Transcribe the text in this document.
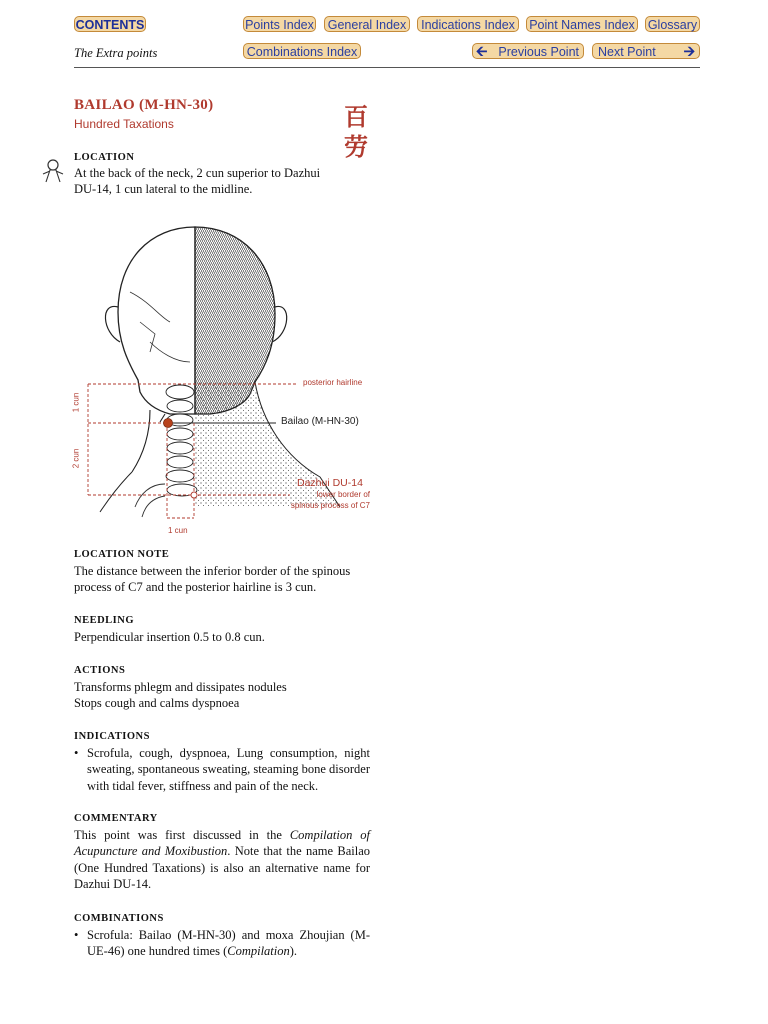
CONTENTS	Points Index General Index	Indications Index	Point Names Index Glossary
The Extra points	Combinations Index	🡨 Previous Point	Next Point 🡪
BAILAO (M-HN-30)
Hundred Taxations	百
劳
LOCATION
At the back of the neck, 2 cun superior to Dazhui DU-14, 1 cun lateral to the midline.
posterior hairline
Bailao (M-HN-30)
Dazhui DU-14
lower border of
spinous process of C7
1 cun
2 cun
1 cun
LOCATION NOTE
The distance between the inferior border of the spinous process of C7 and the posterior hairline is 3 cun.
NEEDLING
Perpendicular insertion 0.5 to 0.8 cun.
ACTIONS
Transforms phlegm and dissipates nodules
Stops cough and calms dyspnoea
INDICATIONS
• Scrofula, cough, dyspnoea, Lung consumption, night sweating, spontaneous sweating, steaming bone disorder with tidal fever, stiffness and pain of the neck.
COMMENTARY
This point was first discussed in the Compilation of Acupuncture and Moxibustion. Note that the name Bailao (One Hundred Taxations) is also an alternative name for Dazhui DU-14.
COMBINATIONS
• Scrofula: Bailao (M-HN-30) and moxa Zhoujian (M-UE-46) one hundred times (Compilation).
